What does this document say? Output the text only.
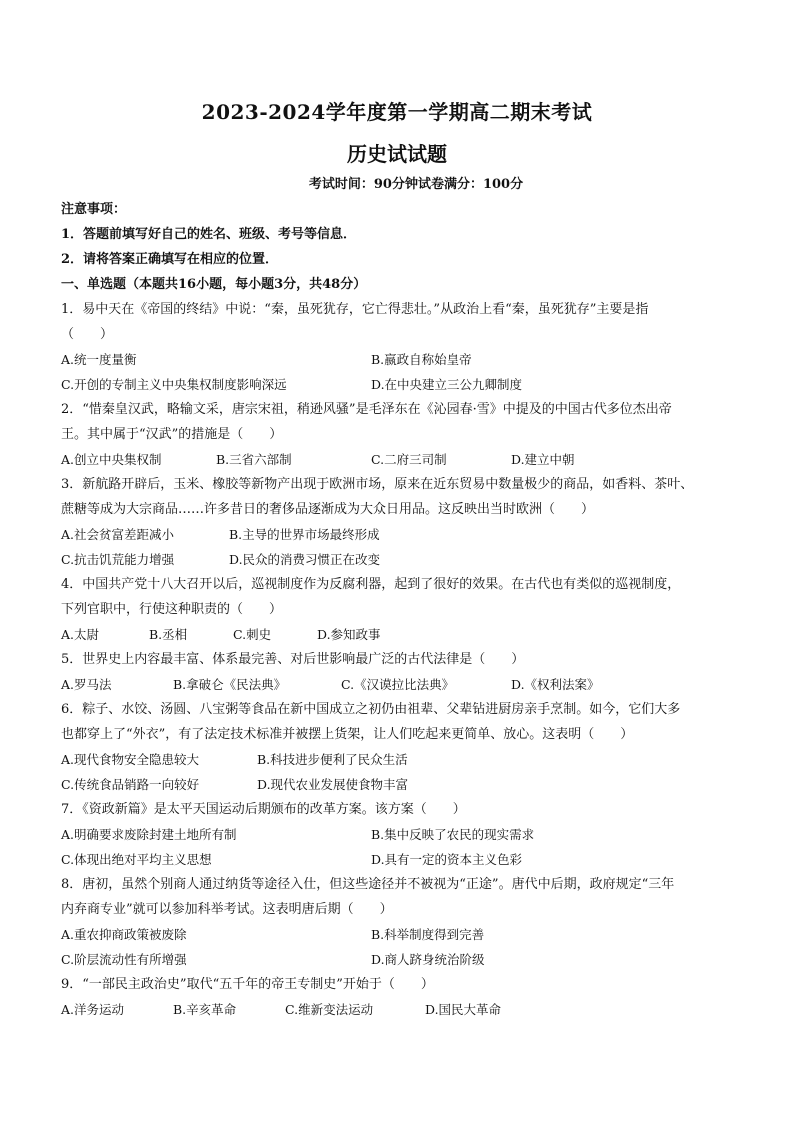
2023-2024学年度第一学期高二期末考试
历史试试题
考试时间：90分钟试卷满分：100分
注意事项：
1．答题前填写好自己的姓名、班级、考号等信息．
2．请将答案正确填写在相应的位置．
一、单选题（本题共16小题，每小题3分，共48分）
1．易中天在《帝国的终结》中说：“秦，虽死犹存，它亡得悲壮。”从政治上看“秦，虽死犹存”主要是指
（　　）
A.统一度量衡	B.嬴政自称始皇帝
C.开创的专制主义中央集权制度影响深远	D.在中央建立三公九卿制度
2．“惜秦皇汉武，略输文采，唐宗宋祖，稍逊风骚”是毛泽东在《沁园春·雪》中提及的中国古代多位杰出帝
王。其中属于“汉武”的措施是（　　）
A.创立中央集权制	B.三省六部制	C.二府三司制	D.建立中朝
3．新航路开辟后，玉米、橡胶等新物产出现于欧洲市场，原来在近东贸易中数量极少的商品，如香料、茶叶、
蔗糖等成为大宗商品……许多昔日的奢侈品逐渐成为大众日用品。这反映出当时欧洲（　　）
A.社会贫富差距减小	B.主导的世界市场最终形成
C.抗击饥荒能力增强	D.民众的消费习惯正在改变
4．中国共产党十八大召开以后，巡视制度作为反腐利器，起到了很好的效果。在古代也有类似的巡视制度，
下列官职中，行使这种职责的（　　）
A.太尉	B.丞相	C.刺史	D.参知政事
5．世界史上内容最丰富、体系最完善、对后世影响最广泛的古代法律是（　　）
A.罗马法	B.拿破仑《民法典》	C.《汉谟拉比法典》	D.《权利法案》
6．粽子、水饺、汤圆、八宝粥等食品在新中国成立之初仍由祖辈、父辈钻进厨房亲手烹制。如今，它们大多
也都穿上了“外衣”，有了法定技术标准并被摆上货架，让人们吃起来更简单、放心。这表明（　　）
A.现代食物安全隐患较大	B.科技进步便利了民众生活
C.传统食品销路一向较好	D.现代农业发展使食物丰富
7．《资政新篇》是太平天国运动后期颁布的改革方案。该方案（　　）
A.明确要求废除封建土地所有制	B.集中反映了农民的现实需求
C.体现出绝对平均主义思想	D.具有一定的资本主义色彩
8．唐初，虽然个别商人通过纳货等途径入仕，但这些途径并不被视为“正途”。唐代中后期，政府规定“三年
内弃商专业”就可以参加科举考试。这表明唐后期（　　）
A.重农抑商政策被废除	B.科举制度得到完善
C.阶层流动性有所增强	D.商人跻身统治阶级
9．“一部民主政治史”取代“五千年的帝王专制史”开始于（　　）
A.洋务运动	B.辛亥革命	C.维新变法运动	D.国民大革命
